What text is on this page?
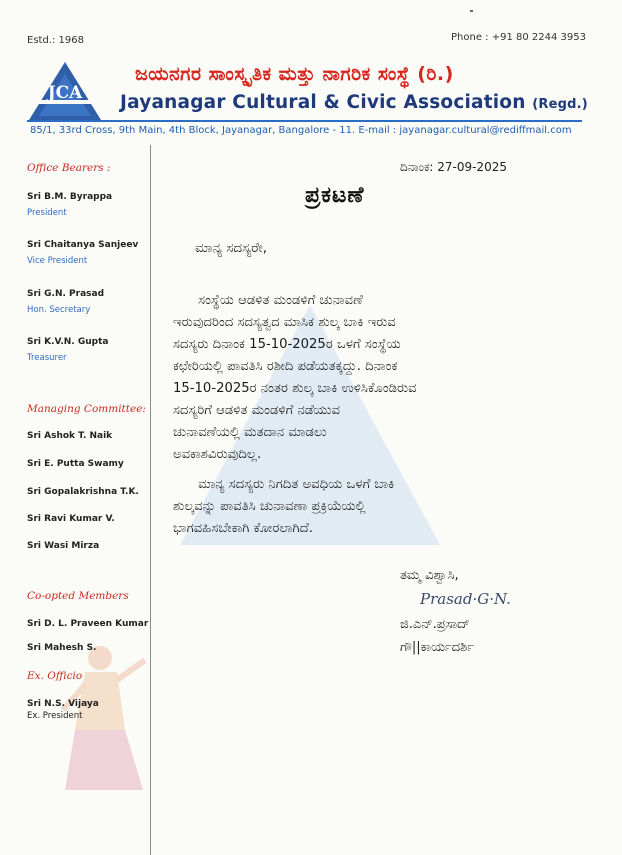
Estd.: 1968	Phone : +91 80 2244 3953
JCA
ಜಯನಗರ ಸಾಂಸ್ಕೃತಿಕ ಮತ್ತು ನಾಗರಿಕ ಸಂಸ್ಥೆ (ರಿ.)
Jayanagar Cultural & Civic Association (Regd.)
85/1, 33rd Cross, 9th Main, 4th Block, Jayanagar, Bangalore - 11. E-mail : jayanagar.cultural@rediffmail.com
Office Bearers :
Sri B.M. Byrappa
President
Sri Chaitanya Sanjeev
Vice President
Sri G.N. Prasad
Hon. Secretary
Sri K.V.N. Gupta
Treasurer
Managing Committee:
Sri Ashok T. Naik
Sri E. Putta Swamy
Sri Gopalakrishna T.K.
Sri Ravi Kumar V.
Sri Wasi Mirza
Co-opted Members
Sri D. L. Praveen Kumar
Sri Mahesh S.
Ex. Officio
Sri N.S. Vijaya
Ex. President
ದಿನಾಂಕ: 27-09-2025
ಪ್ರಕಟಣೆ
ಮಾನ್ಯ ಸದಸ್ಯರೇ,
ಸಂಸ್ಥೆಯ ಆಡಳಿತ ಮಂಡಳಿಗೆ ಚುನಾವಣೆ
ಇರುವುದರಿಂದ ಸದಸ್ಯತ್ವದ ಮಾಸಿಕ ಶುಲ್ಕ ಬಾಕಿ ಇರುವ
ಸದಸ್ಯರು ದಿನಾಂಕ 15-10-2025ರ ಒಳಗೆ ಸಂಸ್ಥೆಯ
ಕಛೇರಿಯಲ್ಲಿ ಪಾವತಿಸಿ ರಶೀದಿ ಪಡೆಯತಕ್ಕದ್ದು. ದಿನಾಂಕ
15-10-2025ರ ನಂತರ ಶುಲ್ಕ ಬಾಕಿ ಉಳಿಸಿಕೊಂಡಿರುವ
ಸದಸ್ಯರಿಗೆ ಆಡಳಿತ ಮಂಡಳಿಗೆ ನಡೆಯುವ
ಚುನಾವಣೆಯಲ್ಲಿ ಮತದಾನ ಮಾಡಲು
ಅವಕಾಶವಿರುವುದಿಲ್ಲ.
ಮಾನ್ಯ ಸದಸ್ಯರು ನಿಗದಿತ ಅವಧಿಯ ಒಳಗೆ ಬಾಕಿ
ಶುಲ್ಕವನ್ನು ಪಾವತಿಸಿ ಚುನಾವಣಾ ಪ್ರಕ್ರಿಯೆಯಲ್ಲಿ
ಭಾಗವಹಿಸಬೇಕಾಗಿ ಕೋರಲಾಗಿದೆ.
ತಮ್ಮ ವಿಶ್ವಾಸಿ,
Prasad·G·N.
ಜಿ.ಎನ್.ಪ್ರಸಾದ್
ಗೌ||ಕಾರ್ಯದರ್ಶಿ
